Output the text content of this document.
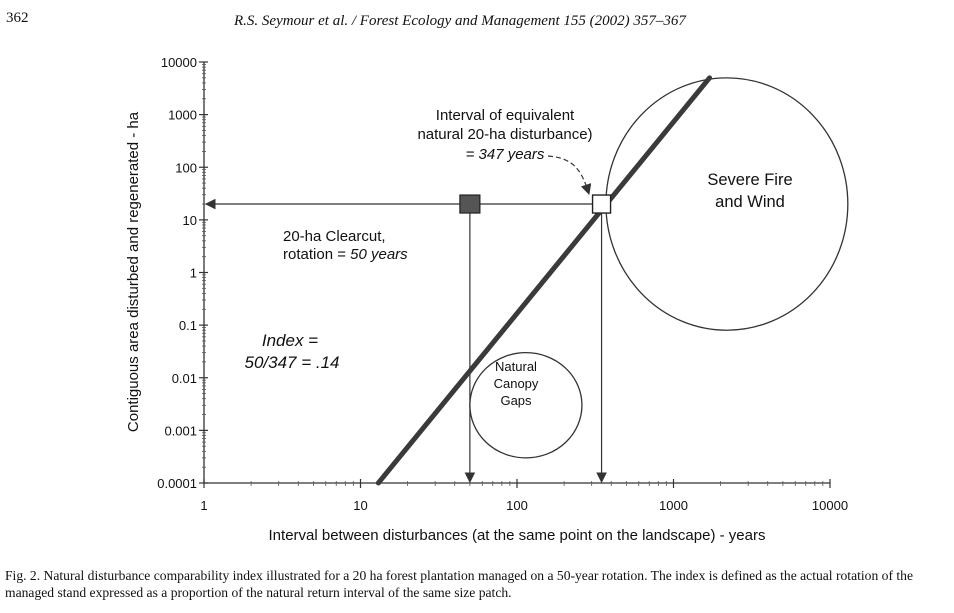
362	R.S. Seymour et al. / Forest Ecology and Management 155 (2002) 357–367
10000
1000
100
10
1
0.1
0.01
0.001
0.0001
1	10	100	1000	10000
Interval between disturbances (at the same point on the landscape) - years
Contiguous area disturbed and regenerated - ha	20-ha Clearcut,
rotation = 50 years
Interval of equivalent
natural 20-ha disturbance)
= 347 years
Index =
50/347 = .14	Natural
Canopy
Gaps
Severe Fire
and Wind
Fig. 2. Natural disturbance comparability index illustrated for a 20 ha forest plantation managed on a 50-year rotation. The index is defined as the actual rotation of the managed stand expressed as a proportion of the natural return interval of the same size patch.
